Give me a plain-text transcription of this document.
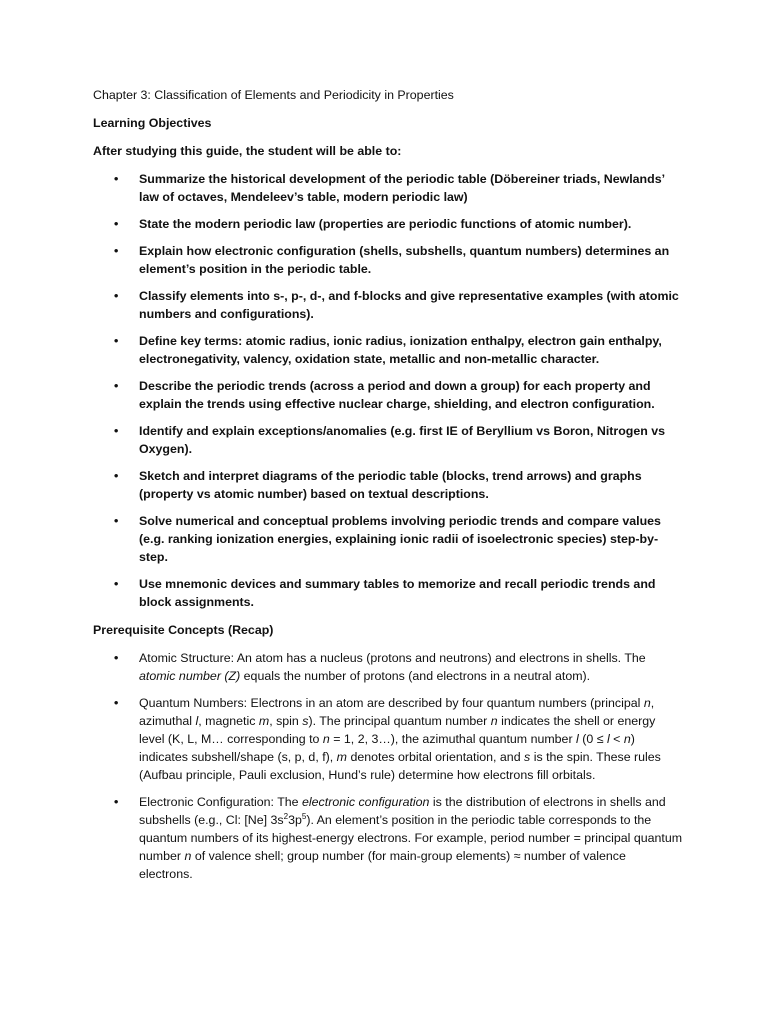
Chapter 3: Classification of Elements and Periodicity in Properties

Learning Objectives

After studying this guide, the student will be able to:

• Summarize the historical development of the periodic table (Döbereiner triads, Newlands’ law of octaves, Mendeleev’s table, modern periodic law)
• State the modern periodic law (properties are periodic functions of atomic number).
• Explain how electronic configuration (shells, subshells, quantum numbers) determines an element’s position in the periodic table.
• Classify elements into s-, p-, d-, and f-blocks and give representative examples (with atomic numbers and configurations).
• Define key terms: atomic radius, ionic radius, ionization enthalpy, electron gain enthalpy, electronegativity, valency, oxidation state, metallic and non-metallic character.
• Describe the periodic trends (across a period and down a group) for each property and explain the trends using effective nuclear charge, shielding, and electron configuration.
• Identify and explain exceptions/anomalies (e.g. first IE of Beryllium vs Boron, Nitrogen vs Oxygen).
• Sketch and interpret diagrams of the periodic table (blocks, trend arrows) and graphs (property vs atomic number) based on textual descriptions.
• Solve numerical and conceptual problems involving periodic trends and compare values (e.g. ranking ionization energies, explaining ionic radii of isoelectronic species) step-by-step.
• Use mnemonic devices and summary tables to memorize and recall periodic trends and block assignments.

Prerequisite Concepts (Recap)

• Atomic Structure: An atom has a nucleus (protons and neutrons) and electrons in shells. The atomic number (Z) equals the number of protons (and electrons in a neutral atom).
• Quantum Numbers: Electrons in an atom are described by four quantum numbers (principal n, azimuthal l, magnetic m, spin s). The principal quantum number n indicates the shell or energy level (K, L, M… corresponding to n = 1, 2, 3…), the azimuthal quantum number l (0 ≤ l < n) indicates subshell/shape (s, p, d, f), m denotes orbital orientation, and s is the spin. These rules (Aufbau principle, Pauli exclusion, Hund’s rule) determine how electrons fill orbitals.
• Electronic Configuration: The electronic configuration is the distribution of electrons in shells and subshells (e.g., Cl: [Ne] $3s^23p^5$). An element’s position in the periodic table corresponds to the quantum numbers of its highest-energy electrons. For example, period number = principal quantum number n of valence shell; group number (for main-group elements) ≈ number of valence electrons.
